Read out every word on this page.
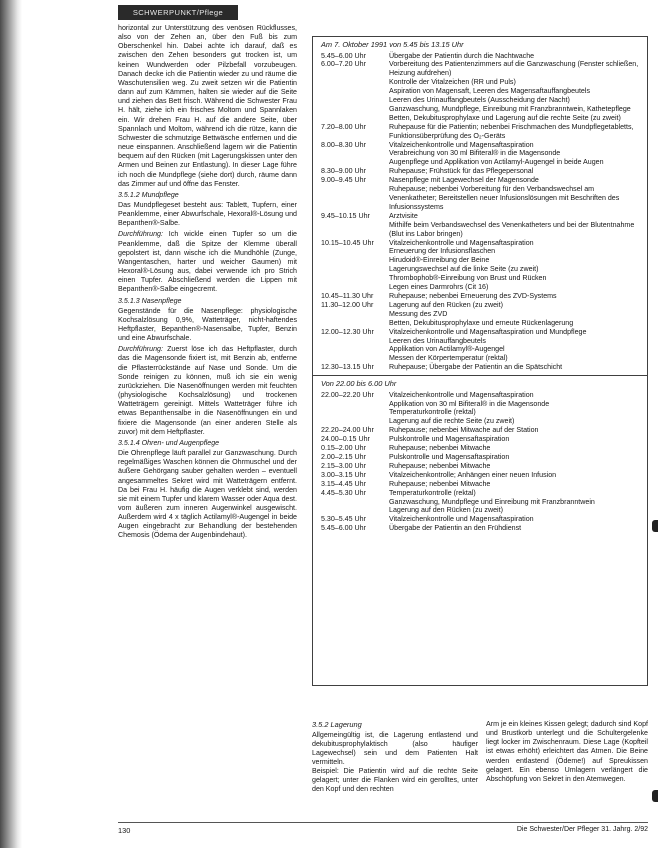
SCHWERPUNKT/Pflege

horizontal zur Unterstützung des venösen Rückflusses, also von der Zehen an, über den Fuß bis zum Oberschenkel hin. Dabei achte ich darauf, daß es zwischen den Zehen besonders gut trocken ist, um keinen Wundwerden oder Pilzbefall vorzubeugen. Danach decke ich die Patientin wieder zu und räume die Waschutensilien weg. Zu zweit setzen wir die Patientin dann auf zum Kämmen, halten sie wieder auf die Seite und ziehen das Bett frisch. Während die Schwester Frau H. hält, ziehe ich ein frisches Moltom und Spannlaken ein. Wir drehen Frau H. auf die andere Seite, über Spannlach und Moltom, während ich die rütze, kann die Schwester die schmutzige Bettwäsche entfernen und die neue einspannen. Anschließend lagern wir die Patientin bequem auf den Rücken (mit Lagerungskissen unter den Armen und Beinen zur Entlastung). In dieser Lage führe ich noch die Mundpflege (siehe dort) durch, räume dann das Zimmer auf und öffne das Fenster.

3.5.1.2 Mundpflege

Das Mundpflegeset besteht aus: Tablett, Tupfern, einer Peanklemme, einer Abwurfschale, Hexoral®-Lösung und Bepanthen®-Salbe.

Durchführung: Ich wickle einen Tupfer so um die Peanklemme, daß die Spitze der Klemme überall gepolstert ist, dann wische ich die Mundhöhle (Zunge, Wangentaschen, harter und weicher Gaumen) mit Hexoral®-Lösung aus, dabei verwende ich pro Strich einen Tupfer. Abschließend werden die Lippen mit Bepanthen®-Salbe eingecremt.

3.5.1.3 Nasenpflege

Gegenstände für die Nasenpflege: physiologische Kochsalzlösung 0,9%, Watteträger, nicht-haftendes Heftpflaster, Bepanthen®-Nasensalbe, Tupfer, Benzin und eine Abwurfschale.

Durchführung: Zuerst löse ich das Heftpflaster, durch das die Magensonde fixiert ist, mit Benzin ab, entferne die Pflasterrückstände auf Nase und Sonde. Um die Sonde reinigen zu können, muß ich sie ein wenig zurückziehen. Die Nasenöffnungen werden mit feuchten (physiologische Kochsalzlösung) und trockenen Watteträgern gereinigt. Mittels Watteträger führe ich etwas Bepanthensalbe in die Nasenöffnungen ein und fixiere die Magensonde (an einer anderen Stelle als zuvor) mit dem Heftpflaster.

3.5.1.4 Ohren- und Augenpflege

Die Ohrenpflege läuft parallel zur Ganzwaschung. Durch regelmäßiges Waschen können die Ohrmuschel und der äußere Gehörgang sauber gehalten werden – eventuell angesammeltes Sekret wird mit Watteträgern entfernt. Da bei Frau H. häufig die Augen verklebt sind, werden sie mit einem Tupfer und klarem Wasser oder Aqua dest. vom äußeren zum inneren Augenwinkel ausgewischt. Außerdem wird 4 x täglich Actilamyl®-Augengel in beide Augen eingebracht zur Behandlung der bestehenden Chemosis (Ödema der Augenbindehaut).

Am 7. Oktober 1991 von 5.45 bis 13.15 Uhr
5.45–6.00 Uhr	Übergabe der Patientin durch die Nachtwache
6.00–7.20 Uhr	Vorbereitung des Patientenzimmers auf die Ganzwaschung (Fenster schließen, Heizung aufdrehen)
Kontrolle der Vitalzeichen (RR und Puls)
Aspiration von Magensaft, Leeren des Magensaftauffangbeutels
Leeren des Urinauffangbeutels (Ausscheidung der Nacht)
Ganzwaschung, Mundpflege, Einreibung mit Franzbranntwein, Kathetepflege
Betten, Dekubitusprophylaxe und Lagerung auf die rechte Seite (zu zweit)
7.20–8.00 Uhr	Ruhepause für die Patientin; nebenbei Frischmachen des Mundpflegetabletts, Funktionsüberprüfung des O₂-Geräts
8.00–8.30 Uhr	Vitalzeichenkontrolle und Magensaftaspiration
Verabreichung von 30 ml Bifiteral® in die Magensonde
Augenpflege und Applikation von Actilamyl-Augengel in beide Augen
8.30–9.00 Uhr	Ruhepause; Frühstück für das Pflegepersonal
9.00–9.45 Uhr	Nasenpflege mit Lagewechsel der Magensonde
Ruhepause; nebenbei Vorbereitung für den Verbandswechsel am Venenkatheter; Bereitstellen neuer Infusionslösungen mit Beschriften des Infusionssystems
9.45–10.15 Uhr	Arztvisite
Mithilfe beim Verbandswechsel des Venenkatheters und bei der Blutentnahme (Blut ins Labor bringen)
10.15–10.45 Uhr	Vitalzeichenkontrolle und Magensaftaspiration
Erneuerung der Infusionsflaschen
Hirudoid®-Einreibung der Beine
Lagerungswechsel auf die linke Seite (zu zweit)
Thrombophob®-Einreibung von Brust und Rücken
Legen eines Darmrohrs (Cit 16)
10.45–11.30 Uhr	Ruhepause; nebenbei Erneuerung des ZVD-Systems
11.30–12.00 Uhr	Lagerung auf den Rücken (zu zweit)
Messung des ZVD
Betten, Dekubitusprophylaxe und erneute Rückenlagerung
12.00–12.30 Uhr	Vitalzeichenkontrolle und Magensaftaspiration und Mundpflege
Leeren des Urinauffangbeutels
Applikation von Actilamyl®-Augengel
Messen der Körpertemperatur (rektal)
12.30–13.15 Uhr	Ruhepause; Übergabe der Patientin an die Spätschicht
Von 22.00 bis 6.00 Uhr
22.00–22.20 Uhr	Vitalzeichenkontrolle und Magensaftaspiration
Applikation von 30 ml Bifiteral® in die Magensonde
Temperaturkontrolle (rektal)
Lagerung auf die rechte Seite (zu zweit)
22.20–24.00 Uhr	Ruhepause; nebenbei Mitwache auf der Station
24.00–0.15 Uhr	Pulskontrolle und Magensaftaspiration
0.15–2.00 Uhr	Ruhepause; nebenbei Mitwache
2.00–2.15 Uhr	Pulskontrolle und Magensaftaspiration
2.15–3.00 Uhr	Ruhepause; nebenbei Mitwache
3.00–3.15 Uhr	Vitalzeichenkontrolle; Anhängen einer neuen Infusion
3.15–4.45 Uhr	Ruhepause; nebenbei Mitwache
4.45–5.30 Uhr	Temperaturkontrolle (rektal)
Ganzwaschung, Mundpflege und Einreibung mit Franzbranntwein
Lagerung auf den Rücken (zu zweit)
5.30–5.45 Uhr	Vitalzeichenkontrolle und Magensaftaspiration
5.45–6.00 Uhr	Übergabe der Patientin an den Frühdienst
3.5.2 Lagerung

Allgemeingültig ist, die Lagerung entlastend und dekubitusprophylaktisch (also häufiger Lagewechsel) sein und dem Patienten Halt vermitteln.

Beispiel: Die Patientin wird auf die rechte Seite gelagert; unter die Flanken wird ein gerolltes, unter den Kopf und den rechten

Arm je ein kleines Kissen gelegt; dadurch sind Kopf und Brustkorb unterlegt und die Schultergelenke liegt locker im Zwischenraum. Diese Lage (Kopfteil ist etwas erhöht) erleichtert das Atmen. Die Beine werden entlastend (Ödeme!) auf Spreukissen gelagert. Ein ebenso Umlagern verlängert die Abschöpfung von Sekret in den Atemwegen.

130	Die Schwester/Der Pfleger 31. Jahrg. 2/92
